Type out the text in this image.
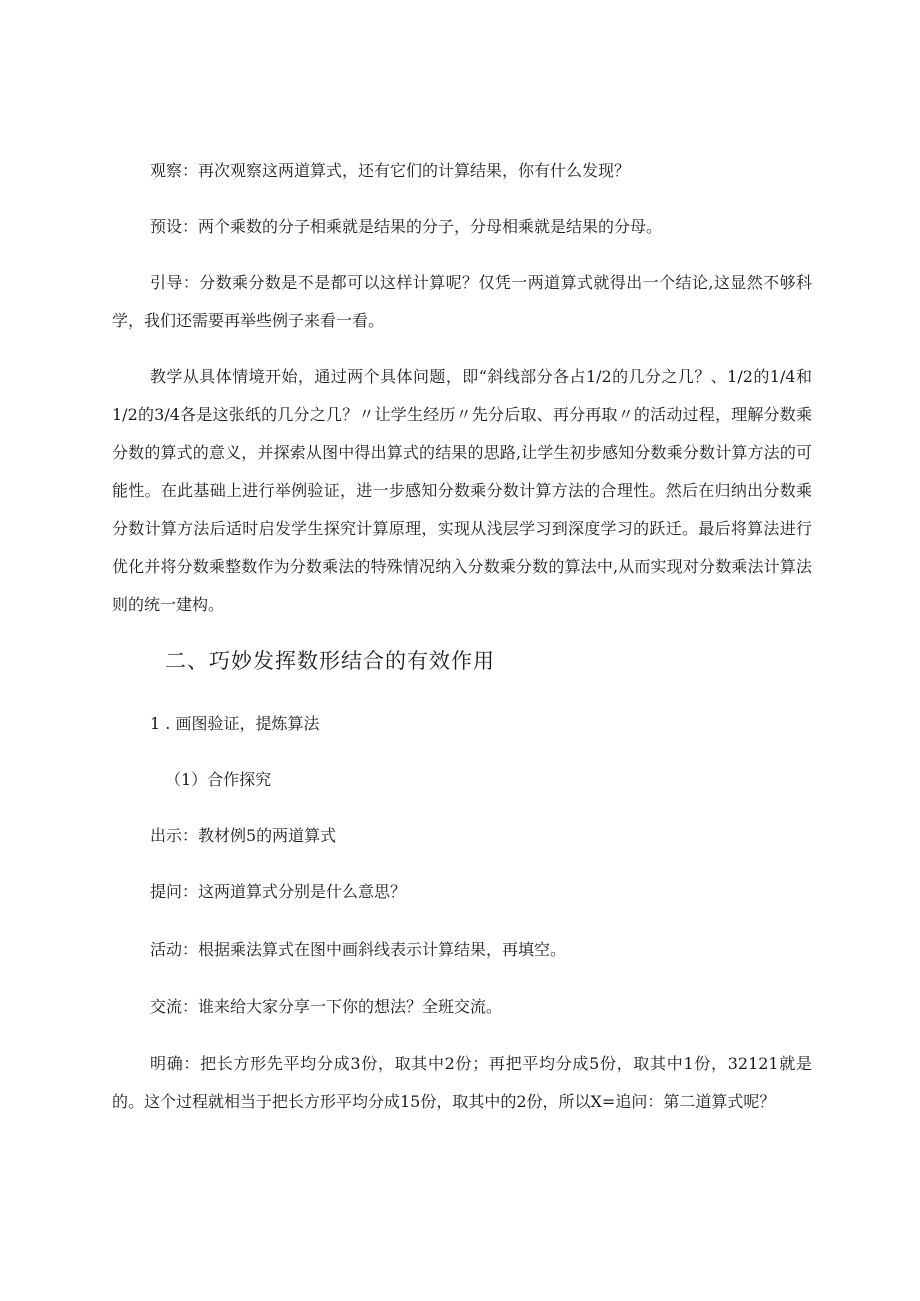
观察：再次观察这两道算式，还有它们的计算结果，你有什么发现？

预设：两个乘数的分子相乘就是结果的分子，分母相乘就是结果的分母。

引导：分数乘分数是不是都可以这样计算呢？仅凭一两道算式就得出一个结论,这显然不够科学，我们还需要再举些例子来看一看。

教学从具体情境开始，通过两个具体问题，即“斜线部分各占1/2的几分之几？、1/2的1/4和1/2的3/4各是这张纸的几分之几？〃让学生经历〃先分后取、再分再取〃的活动过程，理解分数乘分数的算式的意义，并探索从图中得出算式的结果的思路,让学生初步感知分数乘分数计算方法的可能性。在此基础上进行举例验证，进一步感知分数乘分数计算方法的合理性。然后在归纳出分数乘分数计算方法后适时启发学生探究计算原理，实现从浅层学习到深度学习的跃迁。最后将算法进行优化并将分数乘整数作为分数乘法的特殊情况纳入分数乘分数的算法中,从而实现对分数乘法计算法则的统一建构。

二、巧妙发挥数形结合的有效作用

1 . 画图验证，提炼算法

（1）合作探究

出示：教材例5的两道算式

提问：这两道算式分别是什么意思？

活动：根据乘法算式在图中画斜线表示计算结果，再填空。

交流：谁来给大家分享一下你的想法？全班交流。

明确：把长方形先平均分成3份，取其中2份；再把平均分成5份，取其中1份，32121就是的。这个过程就相当于把长方形平均分成15份，取其中的2份，所以X=追问：第二道算式呢？
